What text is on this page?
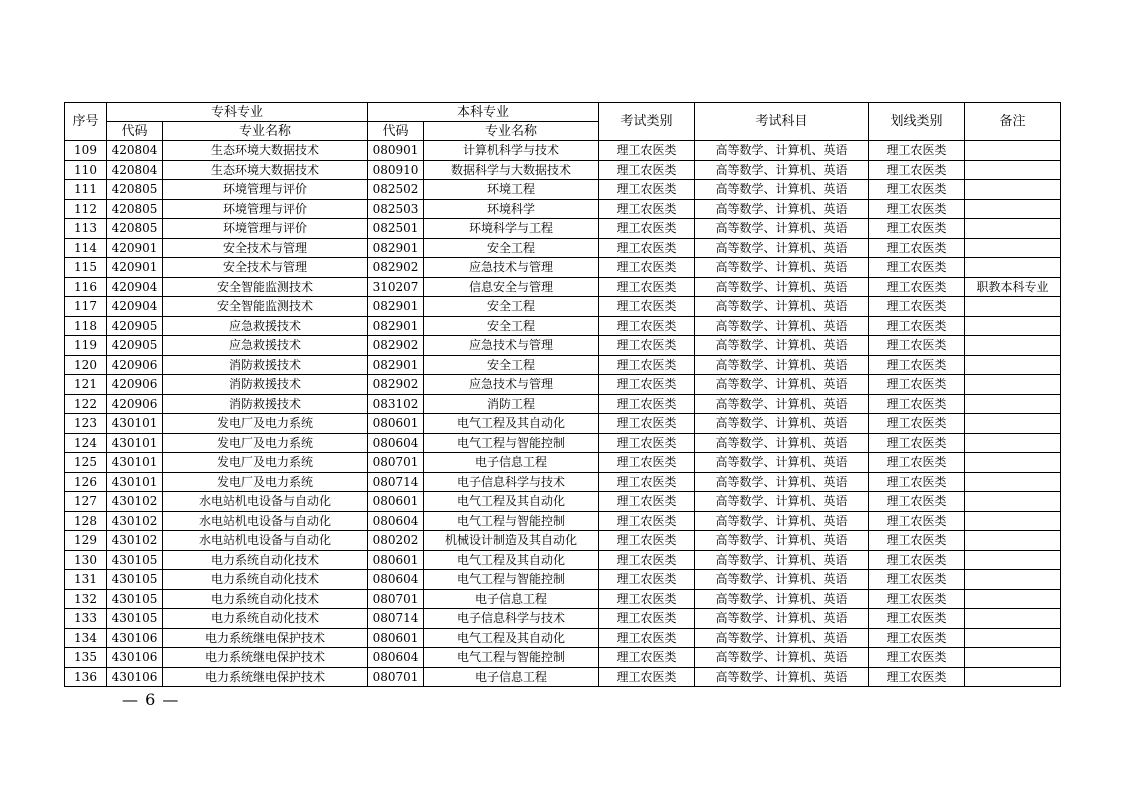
序号	专科专业		本科专业		考试类别	考试科目	划线类别	备注
	代码	专业名称	代码	专业名称				
109	420804	生态环境大数据技术	080901	计算机科学与技术	理工农医类	高等数学、计算机、英语	理工农医类	
110	420804	生态环境大数据技术	080910	数据科学与大数据技术	理工农医类	高等数学、计算机、英语	理工农医类	
111	420805	环境管理与评价	082502	环境工程	理工农医类	高等数学、计算机、英语	理工农医类	
112	420805	环境管理与评价	082503	环境科学	理工农医类	高等数学、计算机、英语	理工农医类	
113	420805	环境管理与评价	082501	环境科学与工程	理工农医类	高等数学、计算机、英语	理工农医类	
114	420901	安全技术与管理	082901	安全工程	理工农医类	高等数学、计算机、英语	理工农医类	
115	420901	安全技术与管理	082902	应急技术与管理	理工农医类	高等数学、计算机、英语	理工农医类	
116	420904	安全智能监测技术	310207	信息安全与管理	理工农医类	高等数学、计算机、英语	理工农医类	职教本科专业
117	420904	安全智能监测技术	082901	安全工程	理工农医类	高等数学、计算机、英语	理工农医类	
118	420905	应急救援技术	082901	安全工程	理工农医类	高等数学、计算机、英语	理工农医类	
119	420905	应急救援技术	082902	应急技术与管理	理工农医类	高等数学、计算机、英语	理工农医类	
120	420906	消防救援技术	082901	安全工程	理工农医类	高等数学、计算机、英语	理工农医类	
121	420906	消防救援技术	082902	应急技术与管理	理工农医类	高等数学、计算机、英语	理工农医类	
122	420906	消防救援技术	083102	消防工程	理工农医类	高等数学、计算机、英语	理工农医类	
123	430101	发电厂及电力系统	080601	电气工程及其自动化	理工农医类	高等数学、计算机、英语	理工农医类	
124	430101	发电厂及电力系统	080604	电气工程与智能控制	理工农医类	高等数学、计算机、英语	理工农医类	
125	430101	发电厂及电力系统	080701	电子信息工程	理工农医类	高等数学、计算机、英语	理工农医类	
126	430101	发电厂及电力系统	080714	电子信息科学与技术	理工农医类	高等数学、计算机、英语	理工农医类	
127	430102	水电站机电设备与自动化	080601	电气工程及其自动化	理工农医类	高等数学、计算机、英语	理工农医类	
128	430102	水电站机电设备与自动化	080604	电气工程与智能控制	理工农医类	高等数学、计算机、英语	理工农医类	
129	430102	水电站机电设备与自动化	080202	机械设计制造及其自动化	理工农医类	高等数学、计算机、英语	理工农医类	
130	430105	电力系统自动化技术	080601	电气工程及其自动化	理工农医类	高等数学、计算机、英语	理工农医类	
131	430105	电力系统自动化技术	080604	电气工程与智能控制	理工农医类	高等数学、计算机、英语	理工农医类	
132	430105	电力系统自动化技术	080701	电子信息工程	理工农医类	高等数学、计算机、英语	理工农医类	
133	430105	电力系统自动化技术	080714	电子信息科学与技术	理工农医类	高等数学、计算机、英语	理工农医类	
134	430106	电力系统继电保护技术	080601	电气工程及其自动化	理工农医类	高等数学、计算机、英语	理工农医类	
135	430106	电力系统继电保护技术	080604	电气工程与智能控制	理工农医类	高等数学、计算机、英语	理工农医类	
136	430106	电力系统继电保护技术	080701	电子信息工程	理工农医类	高等数学、计算机、英语	理工农医类	
— 6 —
